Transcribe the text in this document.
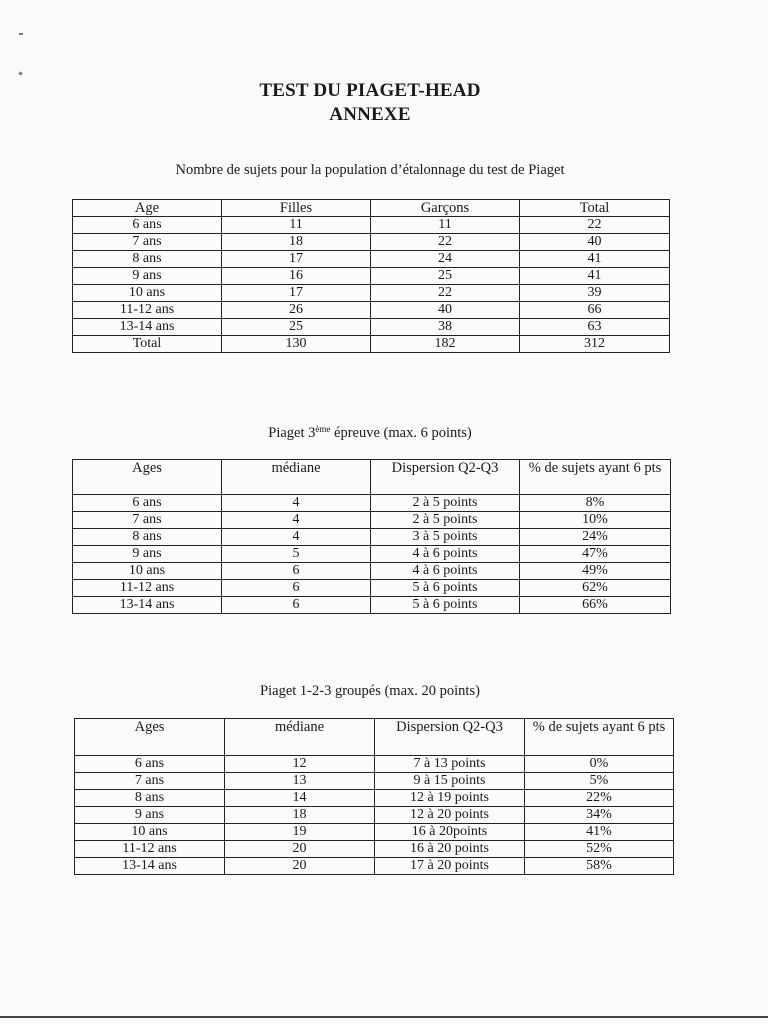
TEST DU PIAGET-HEAD
ANNEXE
Nombre de sujets pour la population d’étalonnage du test de Piaget
Age	Filles	Garçons	Total
6 ans	11	11	22
7 ans	18	22	40
8 ans	17	24	41
9 ans	16	25	41
10 ans	17	22	39
11-12 ans	26	40	66
13-14 ans	25	38	63
Total	130	182	312
Piaget 3ème épreuve (max. 6 points)
Ages	médiane	Dispersion Q2-Q3	% de sujets ayant 6 pts
6 ans	4	2 à 5 points	8%
7 ans	4	2 à 5 points	10%
8 ans	4	3 à 5 points	24%
9 ans	5	4 à 6 points	47%
10 ans	6	4 à 6 points	49%
11-12 ans	6	5 à 6 points	62%
13-14 ans	6	5 à 6 points	66%
Piaget 1-2-3 groupés (max. 20 points)
Ages	médiane	Dispersion Q2-Q3	% de sujets ayant 6 pts
6 ans	12	7 à 13 points	0%
7 ans	13	9 à 15 points	5%
8 ans	14	12 à 19 points	22%
9 ans	18	12 à 20 points	34%
10 ans	19	16 à 20points	41%
11-12 ans	20	16 à 20 points	52%
13-14 ans	20	17 à 20 points	58%
